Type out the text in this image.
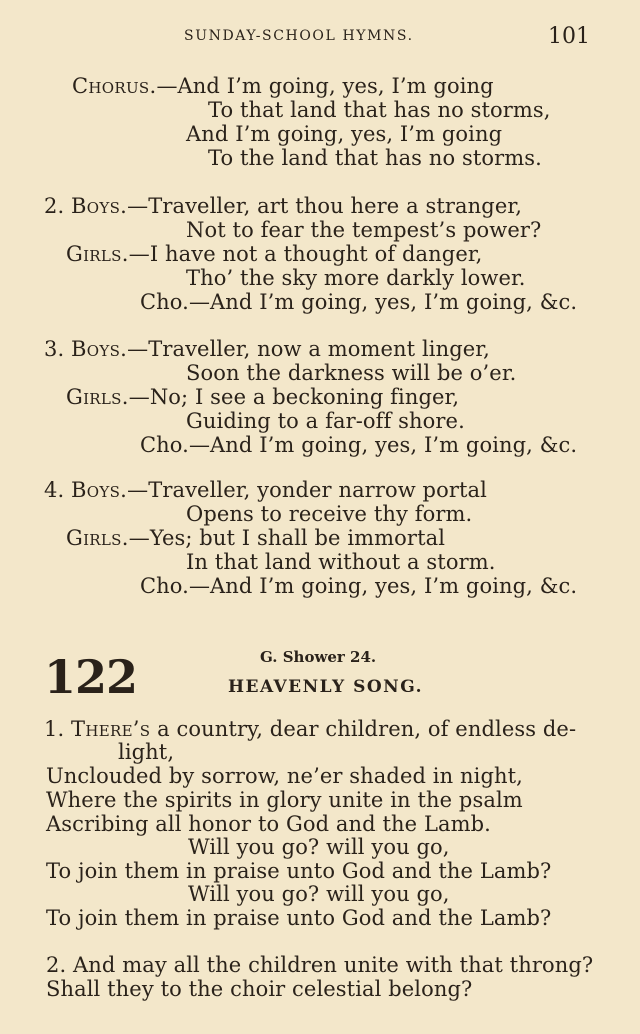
SUNDAY-SCHOOL HYMNS.	101
Chorus.—And I’m going, yes, I’m going
To that land that has no storms,
And I’m going, yes, I’m going
To the land that has no storms.
2. Boys.—Traveller, art thou here a stranger,
Not to fear the tempest’s power?
Girls.—I have not a thought of danger,
Tho’ the sky more darkly lower.
Cho.—And I’m going, yes, I’m going, &c.
3. Boys.—Traveller, now a moment linger,
Soon the darkness will be o’er.
Girls.—No; I see a beckoning finger,
Guiding to a far-off shore.
Cho.—And I’m going, yes, I’m going, &c.
4. Boys.—Traveller, yonder narrow portal
Opens to receive thy form.
Girls.—Yes; but I shall be immortal
In that land without a storm.
Cho.—And I’m going, yes, I’m going, &c.
122	G. Shower 24.
HEAVENLY SONG.
1. There’s a country, dear children, of endless de-
light,
Unclouded by sorrow, ne’er shaded in night,
Where the spirits in glory unite in the psalm
Ascribing all honor to God and the Lamb.
Will you go? will you go,
To join them in praise unto God and the Lamb?
Will you go? will you go,
To join them in praise unto God and the Lamb?
2. And may all the children unite with that throng?
Shall they to the choir celestial belong?
